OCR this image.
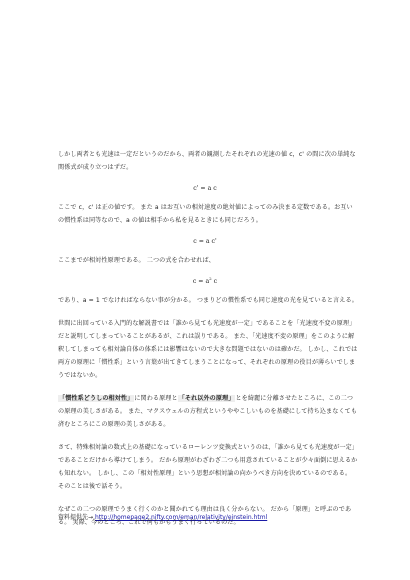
しかし両者とも光速は一定だというのだから、両者の観測したそれぞれの光速の値 c，c' の間に次の単純な関係式が成り立つはずだ。
c' = a c
ここで c，c' は正の値です。 また a はお互いの相対速度の絶対値によってのみ決まる定数である。お互いの慣性系は同等なので、a の値は相手から私を見るときにも同じだろう。
c = a c'
ここまでが相対性原理である。 二つの式を合わせれば、
$c = a^2$ c
であり、a = 1 でなければならない事が分かる。 つまりどの慣性系でも同じ速度の光を見ていると言える。
世間に出回っている入門的な解説書では「誰から見ても光速度が一定」であることを「光速度不変の原理」だと説明してしまっていることがあるが、これは誤りである。 また、「光速度不変の原理」をこのように解釈してしまっても相対論自体の体系には影響はないので大きな問題ではないのは確かだ。 しかし、これでは両方の原理に「慣性系」という言葉が出てきてしまうことになって、それぞれの原理の役目が薄らいでしまうではないか。
「慣性系どうしの相対性」に関わる原理と「それ以外の原理」とを綺麗に分離させたところに、この二つの原理の美しさがある。 また、マクスウェルの方程式というややこしいものを基礎にして持ち込まなくても済むところにこの原理の美しさがある。
資料提供先→ http://homepage2.nifty.com/eman/relativity/einstein.html
さて、特殊相対論の数式上の基礎になっているローレンツ変換式というのは、「誰から見ても光速度が一定」であることだけから導けてしまう。 だから原理がわざわざ二つも用意されていることが少々面倒に思えるかも知れない。 しかし、この「相対性原理」という思想が相対論の向かうべき方向を決めているのである。 そのことは後で話そう。
なぜこの二つの原理でうまく行くのかと聞かれても理由は良く分からない。 だから「原理」と呼ぶのである。 実際、今のところ、これで何もかもうまく行っているのだ。
